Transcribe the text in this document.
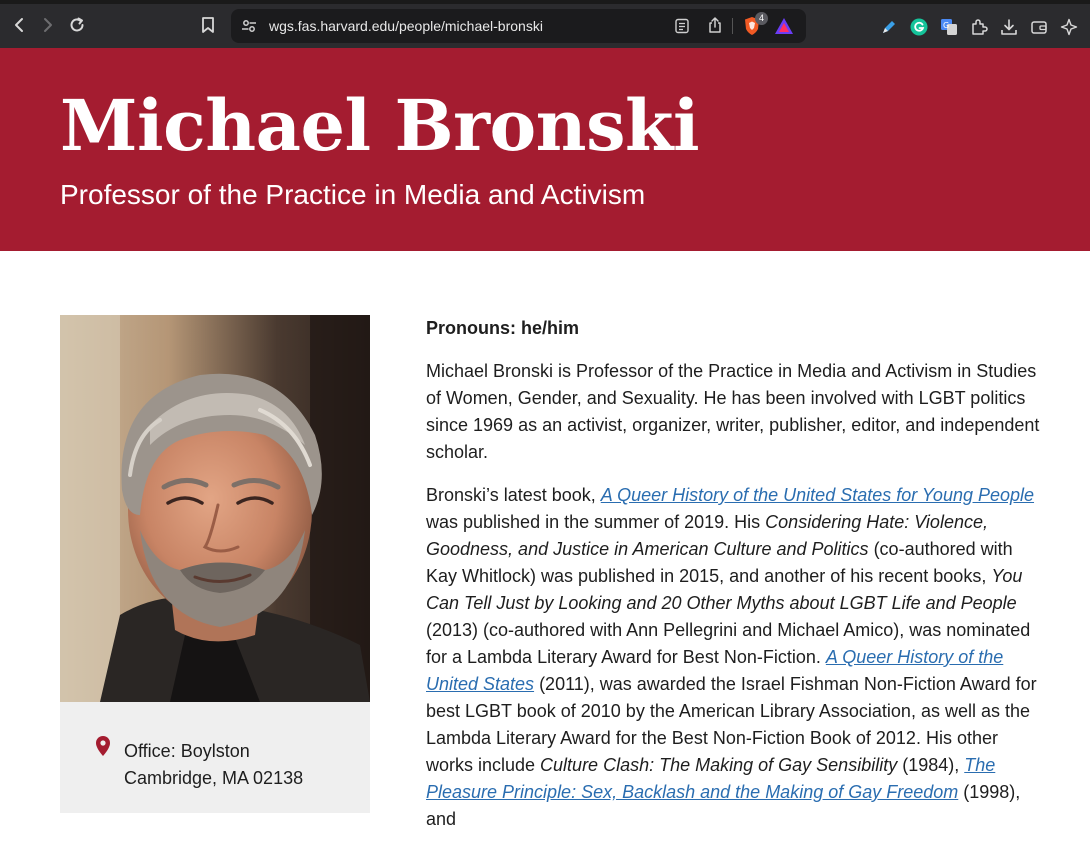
wgs.fas.harvard.edu/people/michael-bronski	4
G
Michael Bronski
Professor of the Practice in Media and Activism
Office: Boylston
Cambridge, MA 02138
Pronouns: he/him

Michael Bronski is Professor of the Practice in Media and Activism in Studies of Women, Gender, and Sexuality. He has been involved with LGBT politics since 1969 as an activist, organizer, writer, publisher, editor, and independent scholar.

Bronski’s latest book, A Queer History of the United States for Young People was published in the summer of 2019. His Considering Hate: Violence, Goodness, and Justice in American Culture and Politics (co-authored with Kay Whitlock) was published in 2015, and another of his recent books, You Can Tell Just by Looking and 20 Other Myths about LGBT Life and People (2013) (co-authored with Ann Pellegrini and Michael Amico), was nominated for a Lambda Literary Award for Best Non-Fiction. A Queer History of the United States (2011), was awarded the Israel Fishman Non-Fiction Award for best LGBT book of 2010 by the American Library Association, as well as the Lambda Literary Award for the Best Non-Fiction Book of 2012. His other works include Culture Clash: The Making of Gay Sensibility (1984), The Pleasure Principle: Sex, Backlash and the Making of Gay Freedom (1998), and
